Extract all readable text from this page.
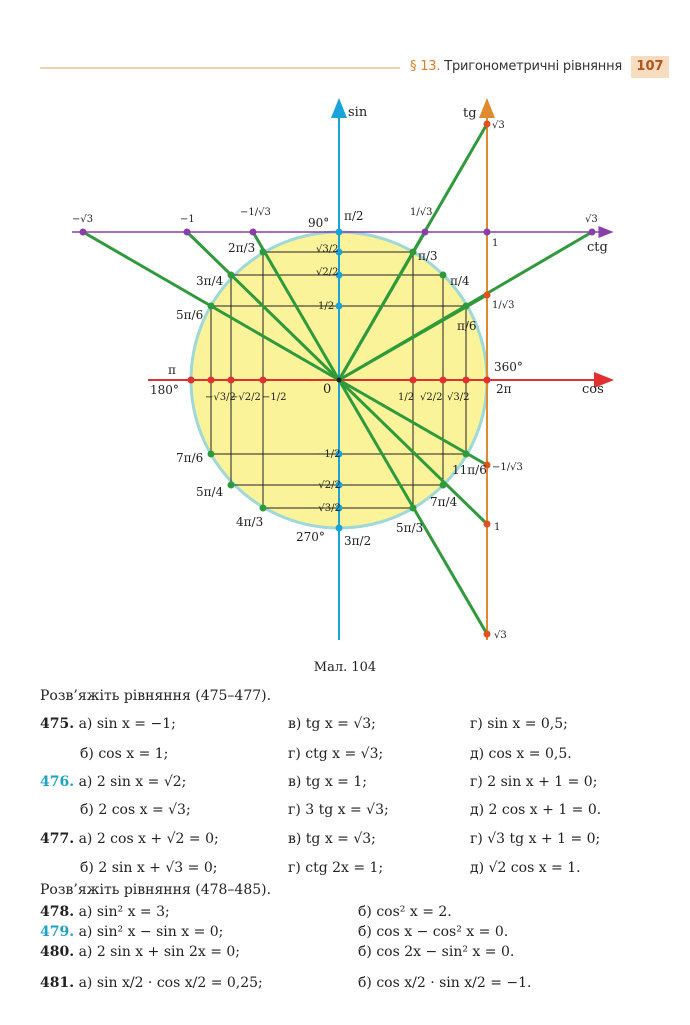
§ 13. Тригонометричні рівняння	107
sin
cos
tg
ctg
0
90°
180°
270°
360°
π/2
π
3π/2
2π
π/3
π/4
π/6
2π/3
3π/4
5π/6
7π/6
5π/4
4π/3	5π/3
7π/4
11π/6
−√3/2
−√2/2 −1/2	1/2 √2/2 √3/2
√3/2
√2/2
1/2
−1/2
−√2/2
−√3/2
−√3	−1
−1/√3	1/√3
1
√3
√3
1/√3
−1/√3
1
√3
Мал. 104
Розв’яжіть рівняння (475–477).
475. а) sin x = −1;	в) tg x = √3;	г) sin x = 0,5;
б) cos x = 1;	г) ctg x = √3;	д) cos x = 0,5.
476. а) 2 sin x = √2;	в) tg x = 1;	г) 2 sin x + 1 = 0;
б) 2 cos x = √3;	г) 3 tg x = √3;	д) 2 cos x + 1 = 0.
477. а) 2 cos x + √2 = 0;	в) tg x = √3;	г) √3 tg x + 1 = 0;
б) 2 sin x + √3 = 0;	г) ctg 2x = 1;	д) √2 cos x = 1.
Розв’яжіть рівняння (478–485).
478. а) sin² x = 3;	б) cos² x = 2.
479. а) sin² x − sin x = 0;	б) cos x − cos² x = 0.
480. а) 2 sin x + sin 2x = 0;	б) cos 2x − sin² x = 0.
481. а) sin x/2 · cos x/2 = 0,25;	б) cos x/2 · sin x/2 = −1.
